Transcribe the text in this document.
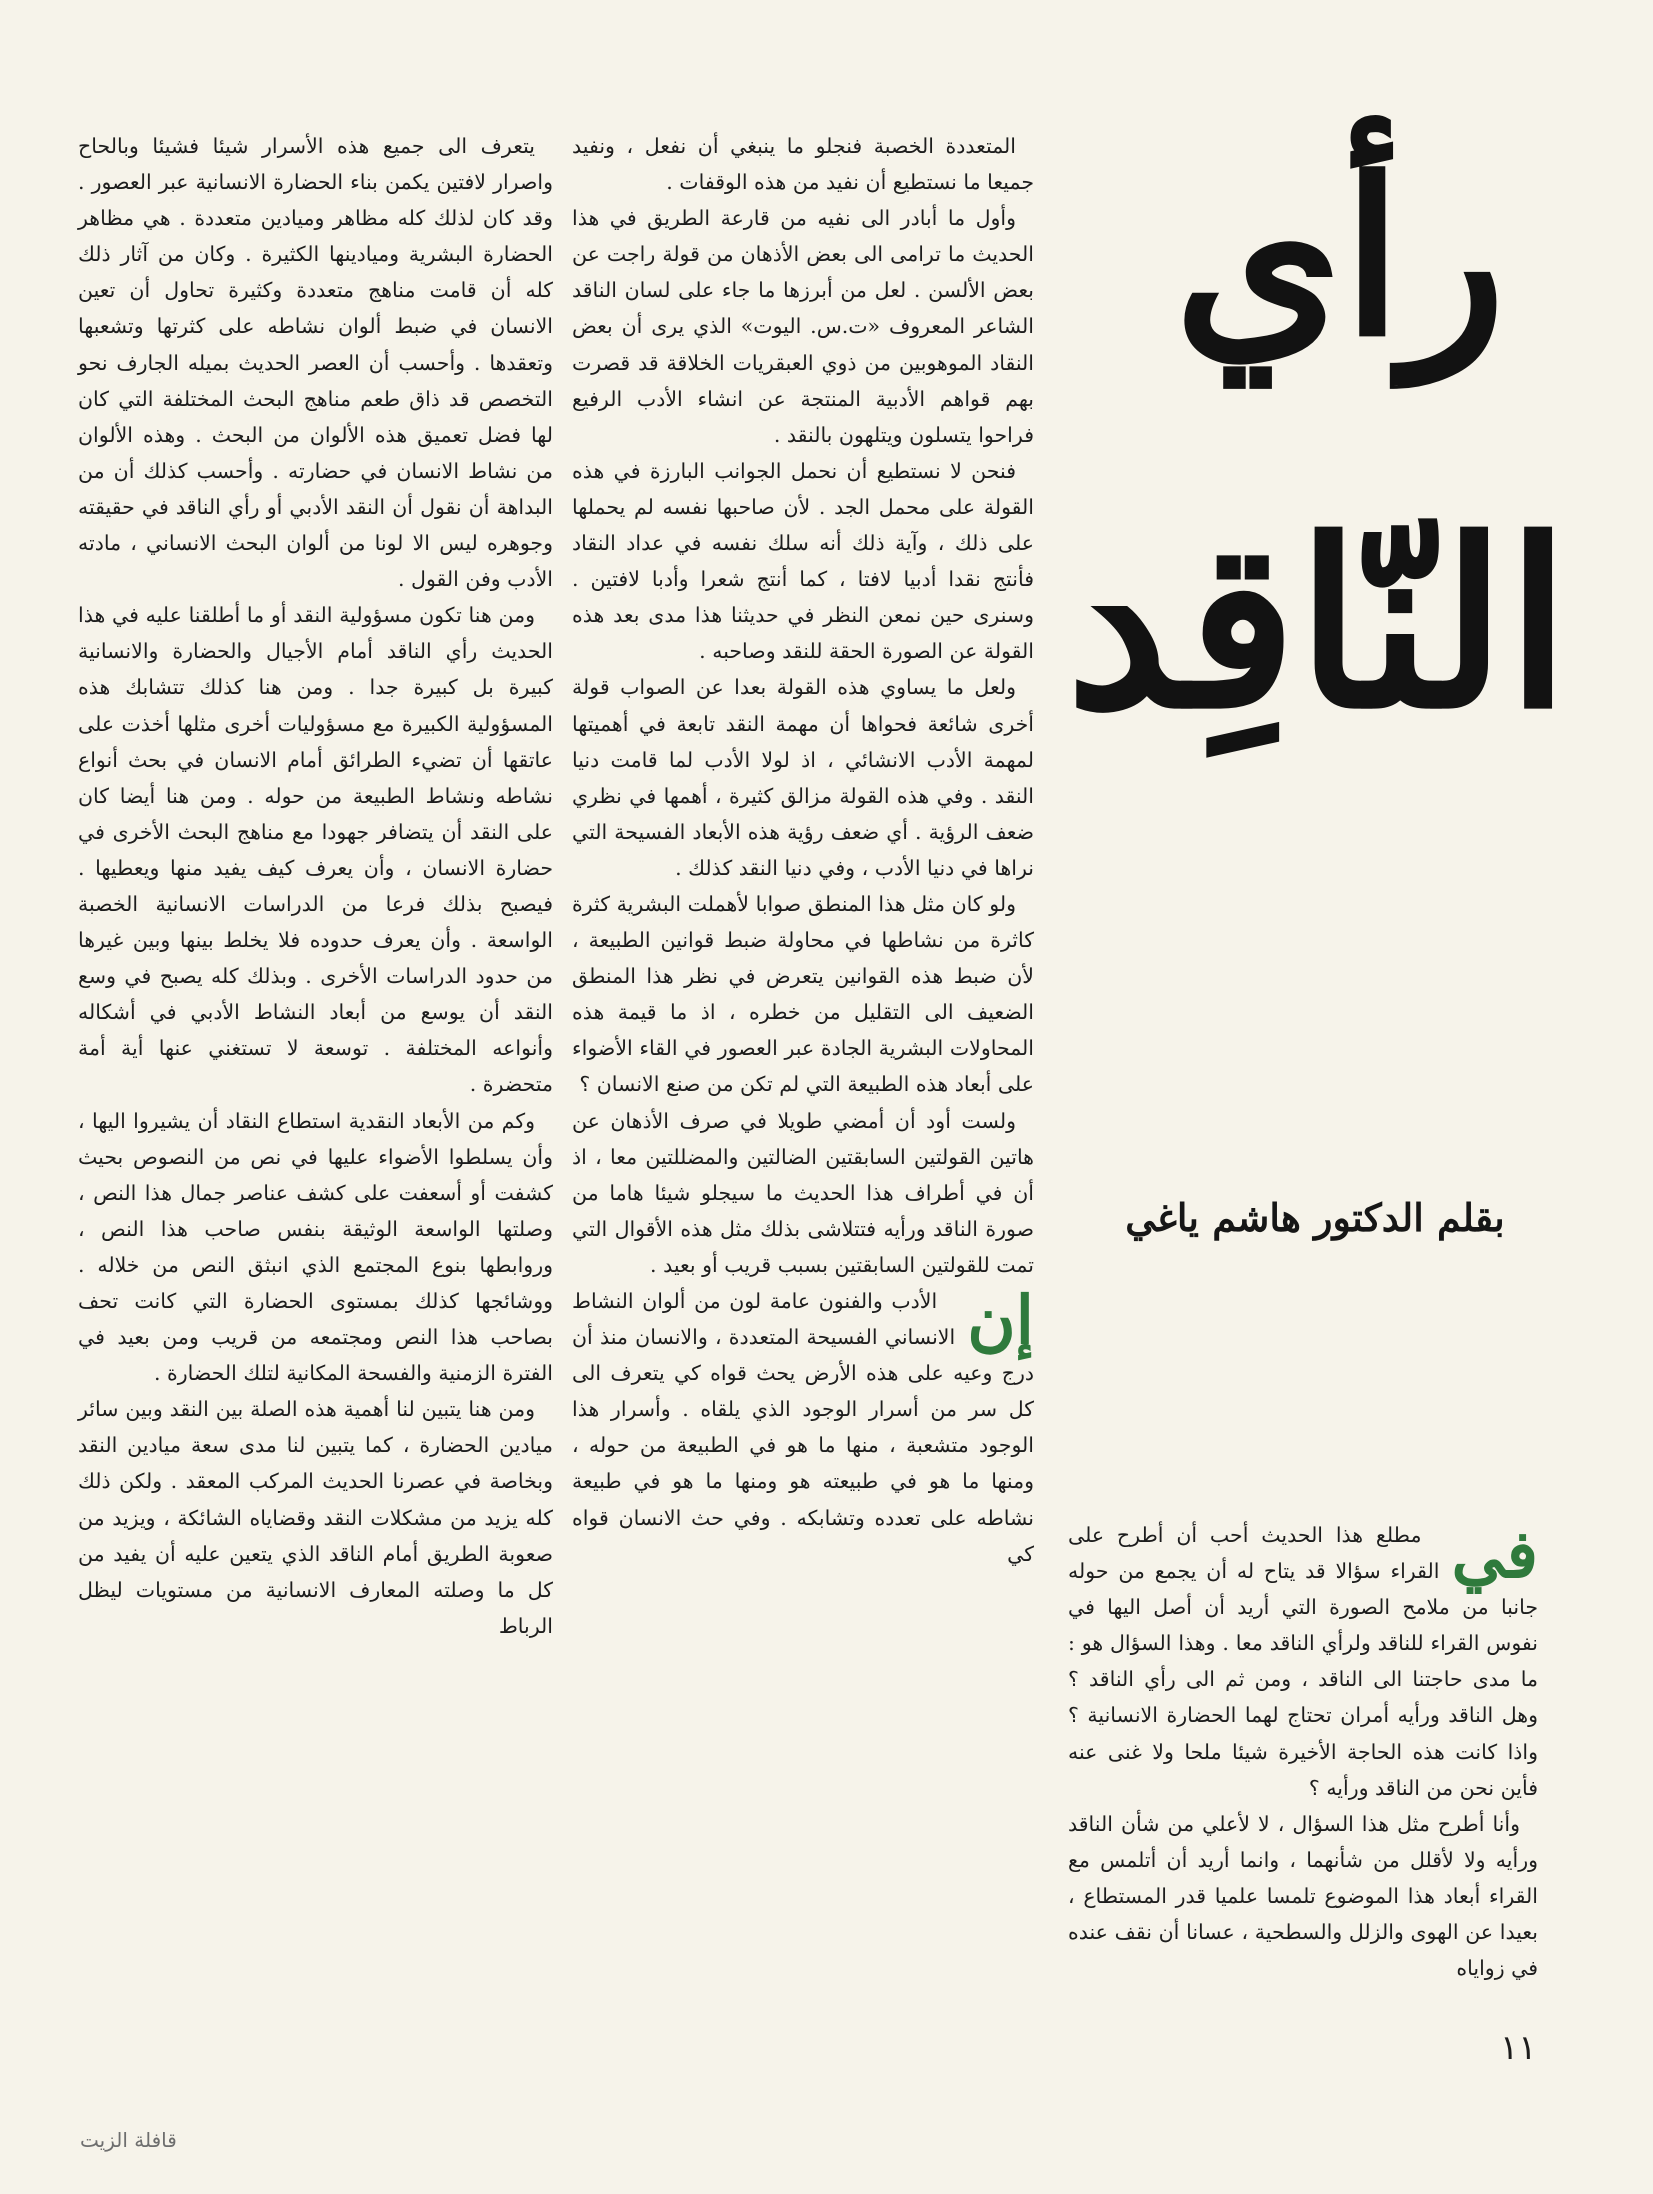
رأي
النّاقِد
بقلم الدكتور هاشم ياغي
في

مطلع هذا الحديث أحب أن أطرح على القراء سؤالا قد يتاح له أن يجمع من حوله جانبا من ملامح الصورة التي أريد أن أصل اليها في نفوس القراء للناقد ولرأي الناقد معا . وهذا السؤال هو : ما مدى حاجتنا الى الناقد ، ومن ثم الى رأي الناقد ؟ وهل الناقد ورأيه أمران تحتاج لهما الحضارة الانسانية ؟ واذا كانت هذه الحاجة الأخيرة شيئا ملحا ولا غنى عنه فأين نحن من الناقد ورأيه ؟

وأنا أطرح مثل هذا السؤال ، لا لأعلي من شأن الناقد ورأيه ولا لأقلل من شأنهما ، وانما أريد أن أتلمس مع القراء أبعاد هذا الموضوع تلمسا علميا قدر المستطاع ، بعيدا عن الهوى والزلل والسطحية ، عسانا أن نقف عنده في زواياه

المتعددة الخصبة فنجلو ما ينبغي أن نفعل ، ونفيد جميعا ما نستطيع أن نفيد من هذه الوقفات .

وأول ما أبادر الى نفيه من قارعة الطريق في هذا الحديث ما ترامى الى بعض الأذهان من قولة راجت عن بعض الألسن . لعل من أبرزها ما جاء على لسان الناقد الشاعر المعروف «ت.س. اليوت» الذي يرى أن بعض النقاد الموهوبين من ذوي العبقريات الخلاقة قد قصرت بهم قواهم الأدبية المنتجة عن انشاء الأدب الرفيع فراحوا يتسلون ويتلهون بالنقد .

فنحن لا نستطيع أن نحمل الجوانب البارزة في هذه القولة على محمل الجد . لأن صاحبها نفسه لم يحملها على ذلك ، وآية ذلك أنه سلك نفسه في عداد النقاد فأنتج نقدا أدبيا لافتا ، كما أنتج شعرا وأدبا لافتين . وسنرى حين نمعن النظر في حديثنا هذا مدى بعد هذه القولة عن الصورة الحقة للنقد وصاحبه .

ولعل ما يساوي هذه القولة بعدا عن الصواب قولة أخرى شائعة فحواها أن مهمة النقد تابعة في أهميتها لمهمة الأدب الانشائي ، اذ لولا الأدب لما قامت دنيا النقد . وفي هذه القولة مزالق كثيرة ، أهمها في نظري ضعف الرؤية . أي ضعف رؤية هذه الأبعاد الفسيحة التي نراها في دنيا الأدب ، وفي دنيا النقد كذلك .

ولو كان مثل هذا المنطق صوابا لأهملت البشرية كثرة كاثرة من نشاطها في محاولة ضبط قوانين الطبيعة ، لأن ضبط هذه القوانين يتعرض في نظر هذا المنطق الضعيف الى التقليل من خطره ، اذ ما قيمة هذه المحاولات البشرية الجادة عبر العصور في القاء الأضواء على أبعاد هذه الطبيعة التي لم تكن من صنع الانسان ؟

ولست أود أن أمضي طويلا في صرف الأذهان عن هاتين القولتين السابقتين الضالتين والمضللتين معا ، اذ أن في أطراف هذا الحديث ما سيجلو شيئا هاما من صورة الناقد ورأيه فتتلاشى بذلك مثل هذه الأقوال التي تمت للقولتين السابقتين بسبب قريب أو بعيد .

إن

الأدب والفنون عامة لون من ألوان النشاط الانساني الفسيحة المتعددة ، والانسان منذ أن درج وعيه على هذه الأرض يحث قواه كي يتعرف الى كل سر من أسرار الوجود الذي يلقاه . وأسرار هذا الوجود متشعبة ، منها ما هو في الطبيعة من حوله ، ومنها ما هو في طبيعته هو ومنها ما هو في طبيعة نشاطه على تعدده وتشابكه . وفي حث الانسان قواه كي

يتعرف الى جميع هذه الأسرار شيئا فشيئا وبالحاح واصرار لافتين يكمن بناء الحضارة الانسانية عبر العصور . وقد كان لذلك كله مظاهر وميادين متعددة . هي مظاهر الحضارة البشرية وميادينها الكثيرة . وكان من آثار ذلك كله أن قامت مناهج متعددة وكثيرة تحاول أن تعين الانسان في ضبط ألوان نشاطه على كثرتها وتشعبها وتعقدها . وأحسب أن العصر الحديث بميله الجارف نحو التخصص قد ذاق طعم مناهج البحث المختلفة التي كان لها فضل تعميق هذه الألوان من البحث . وهذه الألوان من نشاط الانسان في حضارته . وأحسب كذلك أن من البداهة أن نقول أن النقد الأدبي أو رأي الناقد في حقيقته وجوهره ليس الا لونا من ألوان البحث الانساني ، مادته الأدب وفن القول .

ومن هنا تكون مسؤولية النقد أو ما أطلقنا عليه في هذا الحديث رأي الناقد أمام الأجيال والحضارة والانسانية كبيرة بل كبيرة جدا . ومن هنا كذلك تتشابك هذه المسؤولية الكبيرة مع مسؤوليات أخرى مثلها أخذت على عاتقها أن تضيء الطرائق أمام الانسان في بحث أنواع نشاطه ونشاط الطبيعة من حوله . ومن هنا أيضا كان على النقد أن يتضافر جهودا مع مناهج البحث الأخرى في حضارة الانسان ، وأن يعرف كيف يفيد منها ويعطيها . فيصبح بذلك فرعا من الدراسات الانسانية الخصبة الواسعة . وأن يعرف حدوده فلا يخلط بينها وبين غيرها من حدود الدراسات الأخرى . وبذلك كله يصبح في وسع النقد أن يوسع من أبعاد النشاط الأدبي في أشكاله وأنواعه المختلفة . توسعة لا تستغني عنها أية أمة متحضرة .

وكم من الأبعاد النقدية استطاع النقاد أن يشيروا اليها ، وأن يسلطوا الأضواء عليها في نص من النصوص بحيث كشفت أو أسعفت على كشف عناصر جمال هذا النص ، وصلتها الواسعة الوثيقة بنفس صاحب هذا النص ، وروابطها بنوع المجتمع الذي انبثق النص من خلاله . ووشائجها كذلك بمستوى الحضارة التي كانت تحف بصاحب هذا النص ومجتمعه من قريب ومن بعيد في الفترة الزمنية والفسحة المكانية لتلك الحضارة .

ومن هنا يتبين لنا أهمية هذه الصلة بين النقد وبين سائر ميادين الحضارة ، كما يتبين لنا مدى سعة ميادين النقد وبخاصة في عصرنا الحديث المركب المعقد . ولكن ذلك كله يزيد من مشكلات النقد وقضاياه الشائكة ، ويزيد من صعوبة الطريق أمام الناقد الذي يتعين عليه أن يفيد من كل ما وصلته المعارف الانسانية من مستويات ليظل الرباط

١١
قافلة الزيت
